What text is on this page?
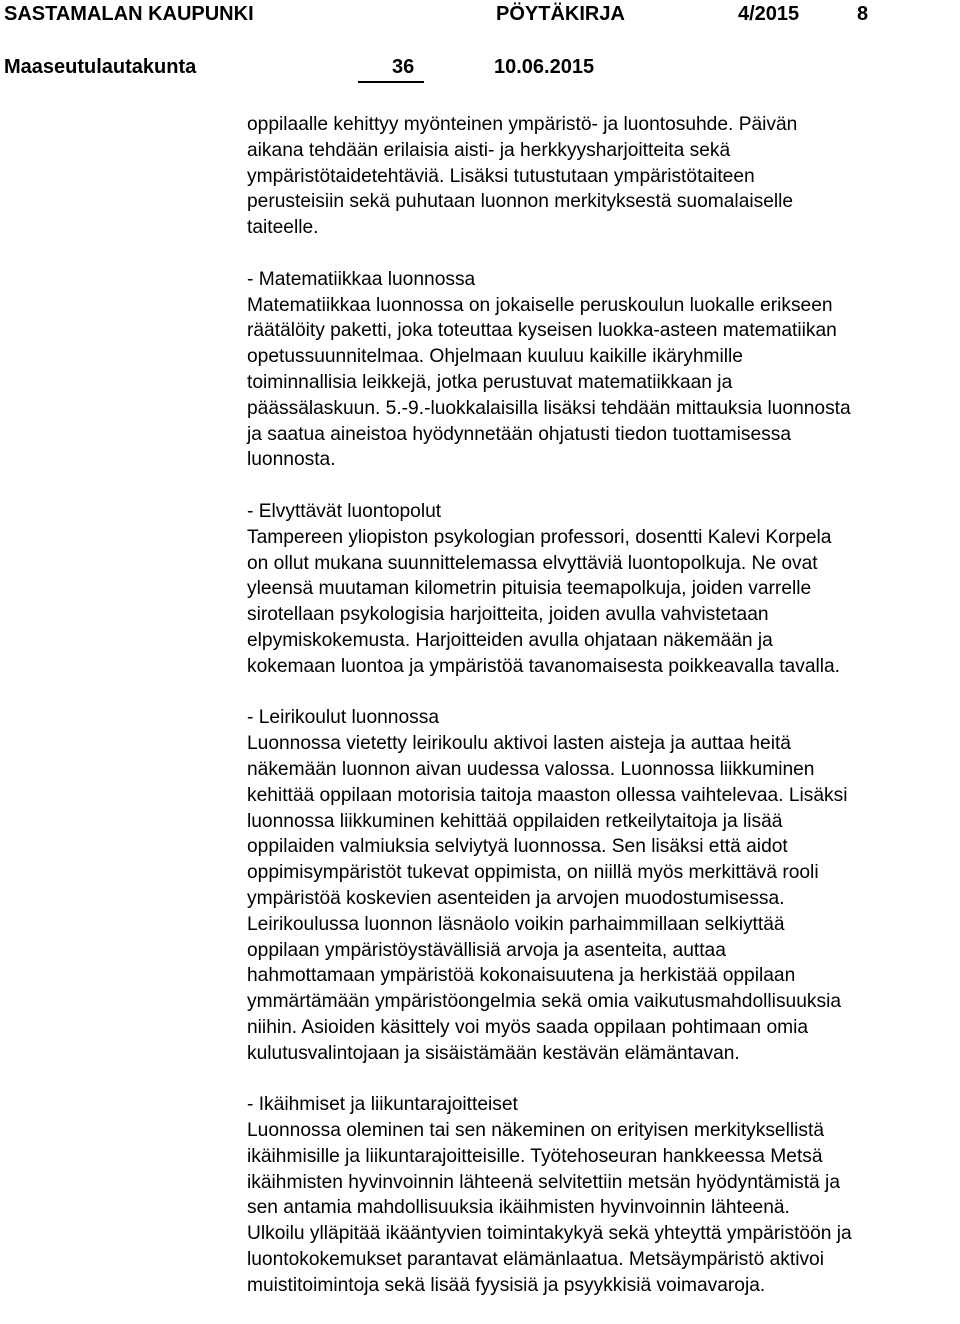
SASTAMALAN KAUPUNKI	PÖYTÄKIRJA	4/2015	8
Maaseutulautakunta	36	10.06.2015
oppilaalle kehittyy myönteinen ympäristö- ja luontosuhde. Päivän
aikana tehdään erilaisia aisti- ja herkkyysharjoitteita sekä
ympäristötaidetehtäviä. Lisäksi tutustutaan ympäristötaiteen
perusteisiin sekä puhutaan luonnon merkityksestä suomalaiselle
taiteelle.
- Matematiikkaa luonnossa
Matematiikkaa luonnossa on jokaiselle peruskoulun luokalle erikseen
räätälöity paketti, joka toteuttaa kyseisen luokka-asteen matematiikan
opetussuunnitelmaa. Ohjelmaan kuuluu kaikille ikäryhmille
toiminnallisia leikkejä, jotka perustuvat matematiikkaan ja
päässälaskuun. 5.-9.-luokkalaisilla lisäksi tehdään mittauksia luonnosta
ja saatua aineistoa hyödynnetään ohjatusti tiedon tuottamisessa
luonnosta.
- Elvyttävät luontopolut
Tampereen yliopiston psykologian professori, dosentti Kalevi Korpela
on ollut mukana suunnittelemassa elvyttäviä luontopolkuja. Ne ovat
yleensä muutaman kilometrin pituisia teemapolkuja, joiden varrelle
sirotellaan psykologisia harjoitteita, joiden avulla vahvistetaan
elpymiskokemusta. Harjoitteiden avulla ohjataan näkemään ja
kokemaan luontoa ja ympäristöä tavanomaisesta poikkeavalla tavalla.
- Leirikoulut luonnossa
Luonnossa vietetty leirikoulu aktivoi lasten aisteja ja auttaa heitä
näkemään luonnon aivan uudessa valossa. Luonnossa liikkuminen
kehittää oppilaan motorisia taitoja maaston ollessa vaihtelevaa. Lisäksi
luonnossa liikkuminen kehittää oppilaiden retkeilytaitoja ja lisää
oppilaiden valmiuksia selviytyä luonnossa. Sen lisäksi että aidot
oppimisympäristöt tukevat oppimista, on niillä myös merkittävä rooli
ympäristöä koskevien asenteiden ja arvojen muodostumisessa.
Leirikoulussa luonnon läsnäolo voikin parhaimmillaan selkiyttää
oppilaan ympäristöystävällisiä arvoja ja asenteita, auttaa
hahmottamaan ympäristöä kokonaisuutena ja herkistää oppilaan
ymmärtämään ympäristöongelmia sekä omia vaikutusmahdollisuuksia
niihin. Asioiden käsittely voi myös saada oppilaan pohtimaan omia
kulutusvalintojaan ja sisäistämään kestävän elämäntavan.
- Ikäihmiset ja liikuntarajoitteiset
Luonnossa oleminen tai sen näkeminen on erityisen merkityksellistä
ikäihmisille ja liikuntarajoitteisille. Työtehoseuran hankkeessa Metsä
ikäihmisten hyvinvoinnin lähteenä selvitettiin metsän hyödyntämistä ja
sen antamia mahdollisuuksia ikäihmisten hyvinvoinnin lähteenä.
Ulkoilu ylläpitää ikääntyvien toimintakykyä sekä yhteyttä ympäristöön ja
luontokokemukset parantavat elämänlaatua. Metsäympäristö aktivoi
muistitoimintoja sekä lisää fyysisiä ja psyykkisiä voimavaroja.
